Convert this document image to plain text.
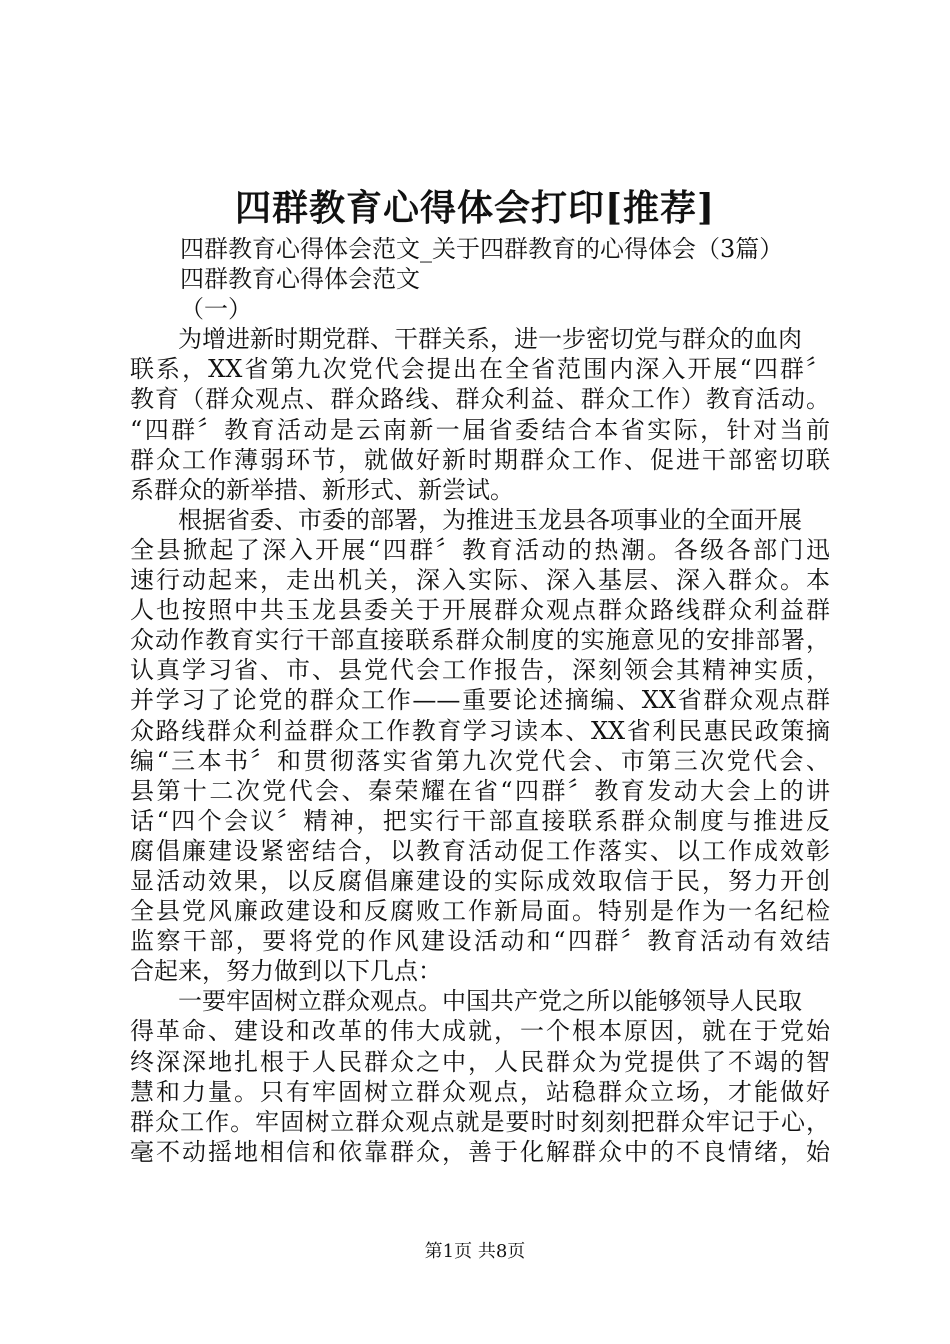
四群教育心得体会打印[推荐]
四群教育心得体会范文_关于四群教育的心得体会（3篇）
四群教育心得体会范文
（一）
为增进新时期党群、干群关系，进一步密切党与群众的血肉
联系，XX省第九次党代会提出在全省范围内深入开展“四群〞
教育（群众观点、群众路线、群众利益、群众工作）教育活动。
“四群〞教育活动是云南新一届省委结合本省实际，针对当前
群众工作薄弱环节，就做好新时期群众工作、促进干部密切联
系群众的新举措、新形式、新尝试。
根据省委、市委的部署，为推进玉龙县各项事业的全面开展
全县掀起了深入开展“四群〞教育活动的热潮。各级各部门迅
速行动起来，走出机关，深入实际、深入基层、深入群众。本
人也按照中共玉龙县委关于开展群众观点群众路线群众利益群
众动作教育实行干部直接联系群众制度的实施意见的安排部署，
认真学习省、市、县党代会工作报告，深刻领会其精神实质，
并学习了论党的群众工作——重要论述摘编、XX省群众观点群
众路线群众利益群众工作教育学习读本、XX省利民惠民政策摘
编“三本书〞和贯彻落实省第九次党代会、市第三次党代会、
县第十二次党代会、秦荣耀在省“四群〞教育发动大会上的讲
话“四个会议〞精神，把实行干部直接联系群众制度与推进反
腐倡廉建设紧密结合，以教育活动促工作落实、以工作成效彰
显活动效果，以反腐倡廉建设的实际成效取信于民，努力开创
全县党风廉政建设和反腐败工作新局面。特别是作为一名纪检
监察干部，要将党的作风建设活动和“四群〞教育活动有效结
合起来，努力做到以下几点：
一要牢固树立群众观点。中国共产党之所以能够领导人民取
得革命、建设和改革的伟大成就，一个根本原因，就在于党始
终深深地扎根于人民群众之中，人民群众为党提供了不竭的智
慧和力量。只有牢固树立群众观点，站稳群众立场，才能做好
群众工作。牢固树立群众观点就是要时时刻刻把群众牢记于心，
毫不动摇地相信和依靠群众，善于化解群众中的不良情绪，始
第1页 共8页
